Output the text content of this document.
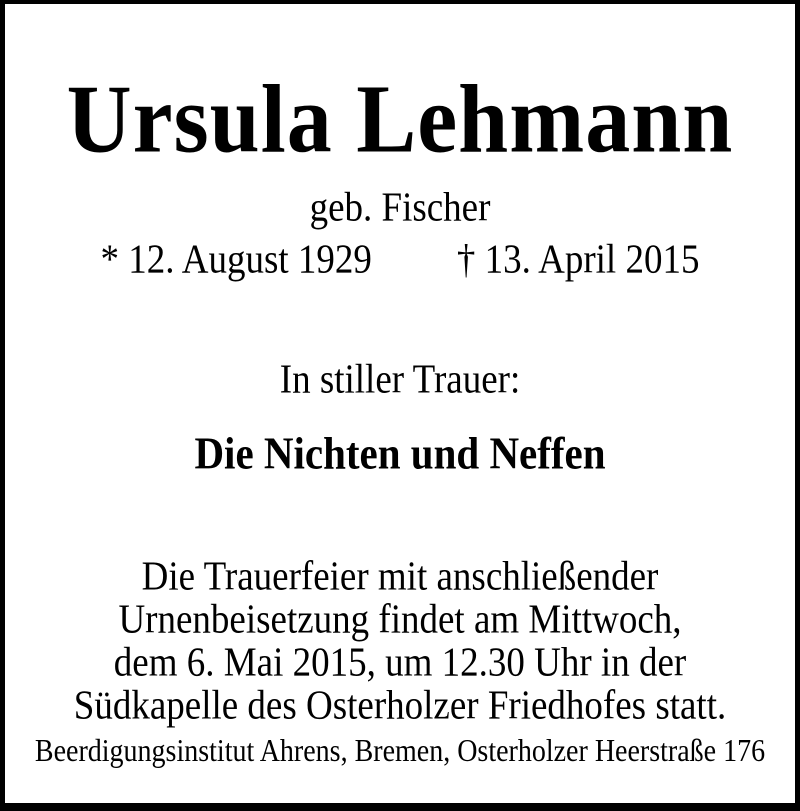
Ursula Lehmann
geb. Fischer
* 12. August 1929 † 13. April 2015
In stiller Trauer:
Die Nichten und Neffen
Die Trauerfeier mit anschließender
Urnenbeisetzung findet am Mittwoch,
dem 6. Mai 2015, um 12.30 Uhr in der
Südkapelle des Osterholzer Friedhofes statt.
Beerdigungsinstitut Ahrens, Bremen, Osterholzer Heerstraße 176
